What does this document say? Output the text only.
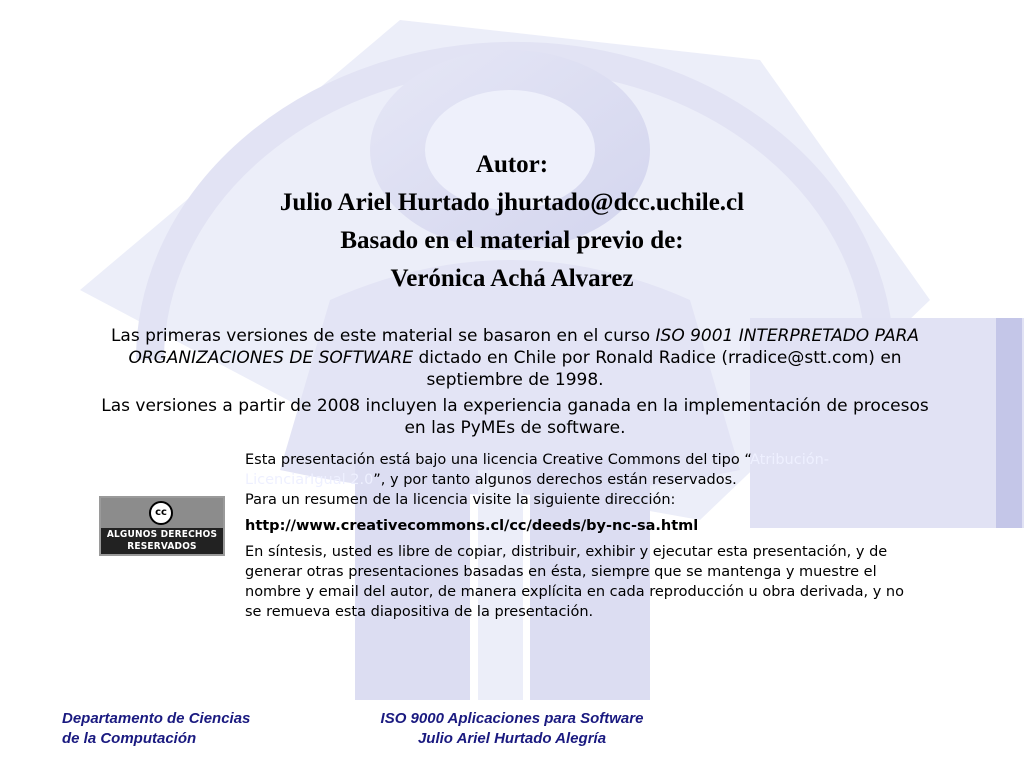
Autor:
Julio Ariel Hurtado jhurtado@dcc.uchile.cl
Basado en el material previo de:
Verónica Achá Alvarez

Las primeras versiones de este material se basaron en el curso ISO 9001 INTERPRETADO PARA ORGANIZACIONES DE SOFTWARE dictado en Chile por Ronald Radice (rradice@stt.com) en septiembre de 1998.

Las versiones a partir de 2008 incluyen la experiencia ganada en la implementación de procesos en las PyMEs de software.

cc
ALGUNOS DERECHOS
RESERVADOS

Esta presentación está bajo una licencia Creative Commons del tipo “Atribución-LicenciarIgual 2.0”, y por tanto algunos derechos están reservados.

Para un resumen de la licencia visite la siguiente dirección:

http://www.creativecommons.cl/cc/deeds/by-nc-sa.html

En síntesis, usted es libre de copiar, distribuir, exhibir y ejecutar esta presentación, y de generar otras presentaciones basadas en ésta, siempre que se mantenga y muestre el nombre y email del autor, de manera explícita en cada reproducción u obra derivada, y no se remueva esta diapositiva de la presentación.

Departamento de Ciencias
de la Computación
ISO 9000 Aplicaciones para Software
Julio Ariel Hurtado Alegría
